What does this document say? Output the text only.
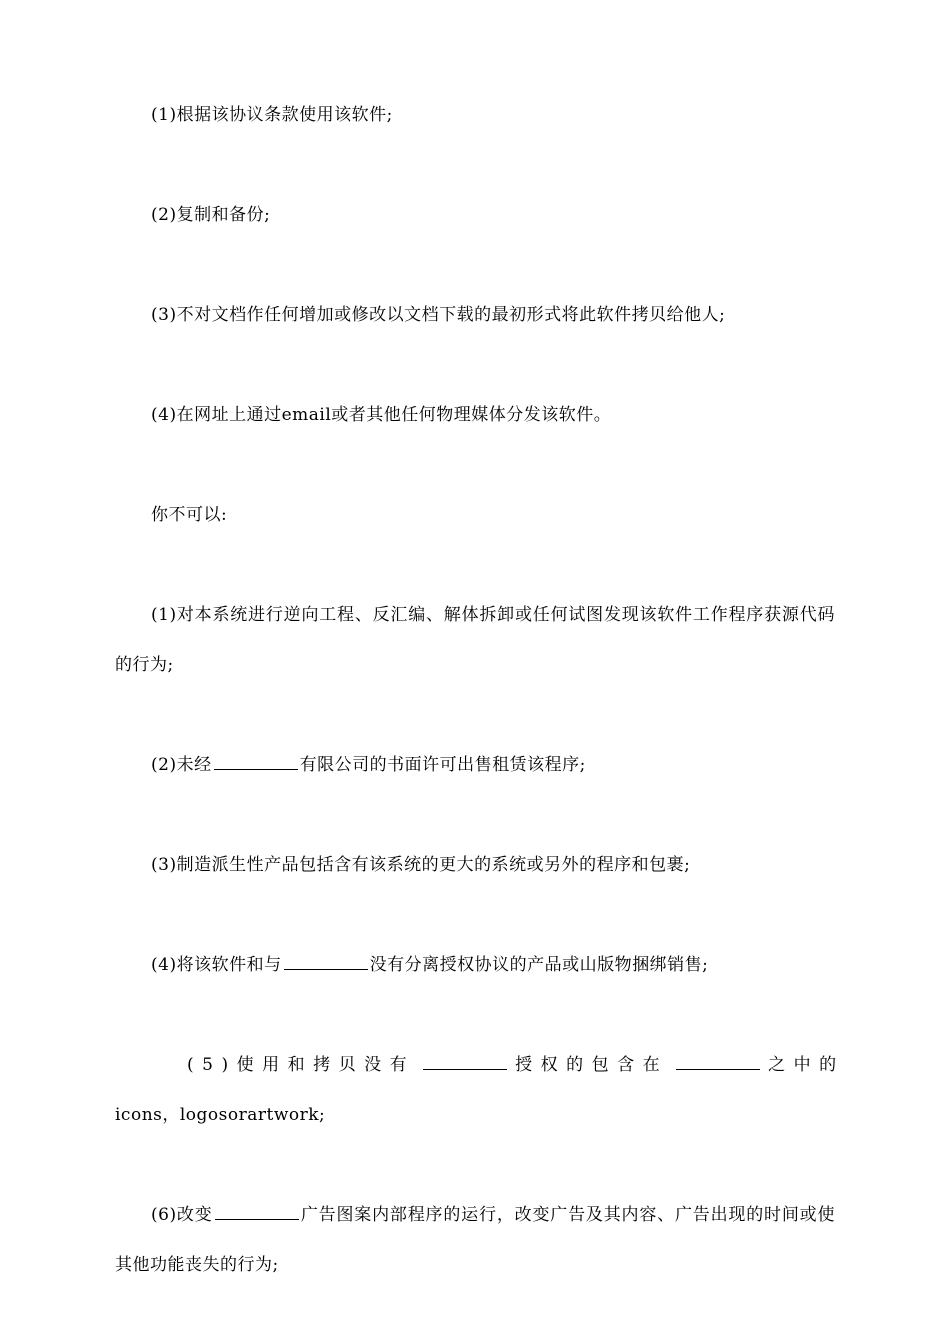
(1)根据该协议条款使用该软件;
(2)复制和备份;
(3)不对文档作任何增加或修改以文档下载的最初形式将此软件拷贝给他人;
(4)在网址上通过email或者其他任何物理媒体分发该软件。
你不可以:
(1)对本系统进行逆向工程、反汇编、解体拆卸或任何试图发现该软件工作程序获源代码的行为;
(2)未经	有限公司的书面许可出售租赁该程序;
(3)制造派生性产品包括含有该系统的更大的系统或另外的程序和包裹;
(4)将该软件和与	没有分离授权协议的产品或山版物捆绑销售;
(5)使用和拷贝没有	授权的包含在	之中的
icons，logosorartwork;
(6)改变	广告图案内部程序的运行，改变广告及其内容、广告出现的时间或使其他功能丧失的行为;
